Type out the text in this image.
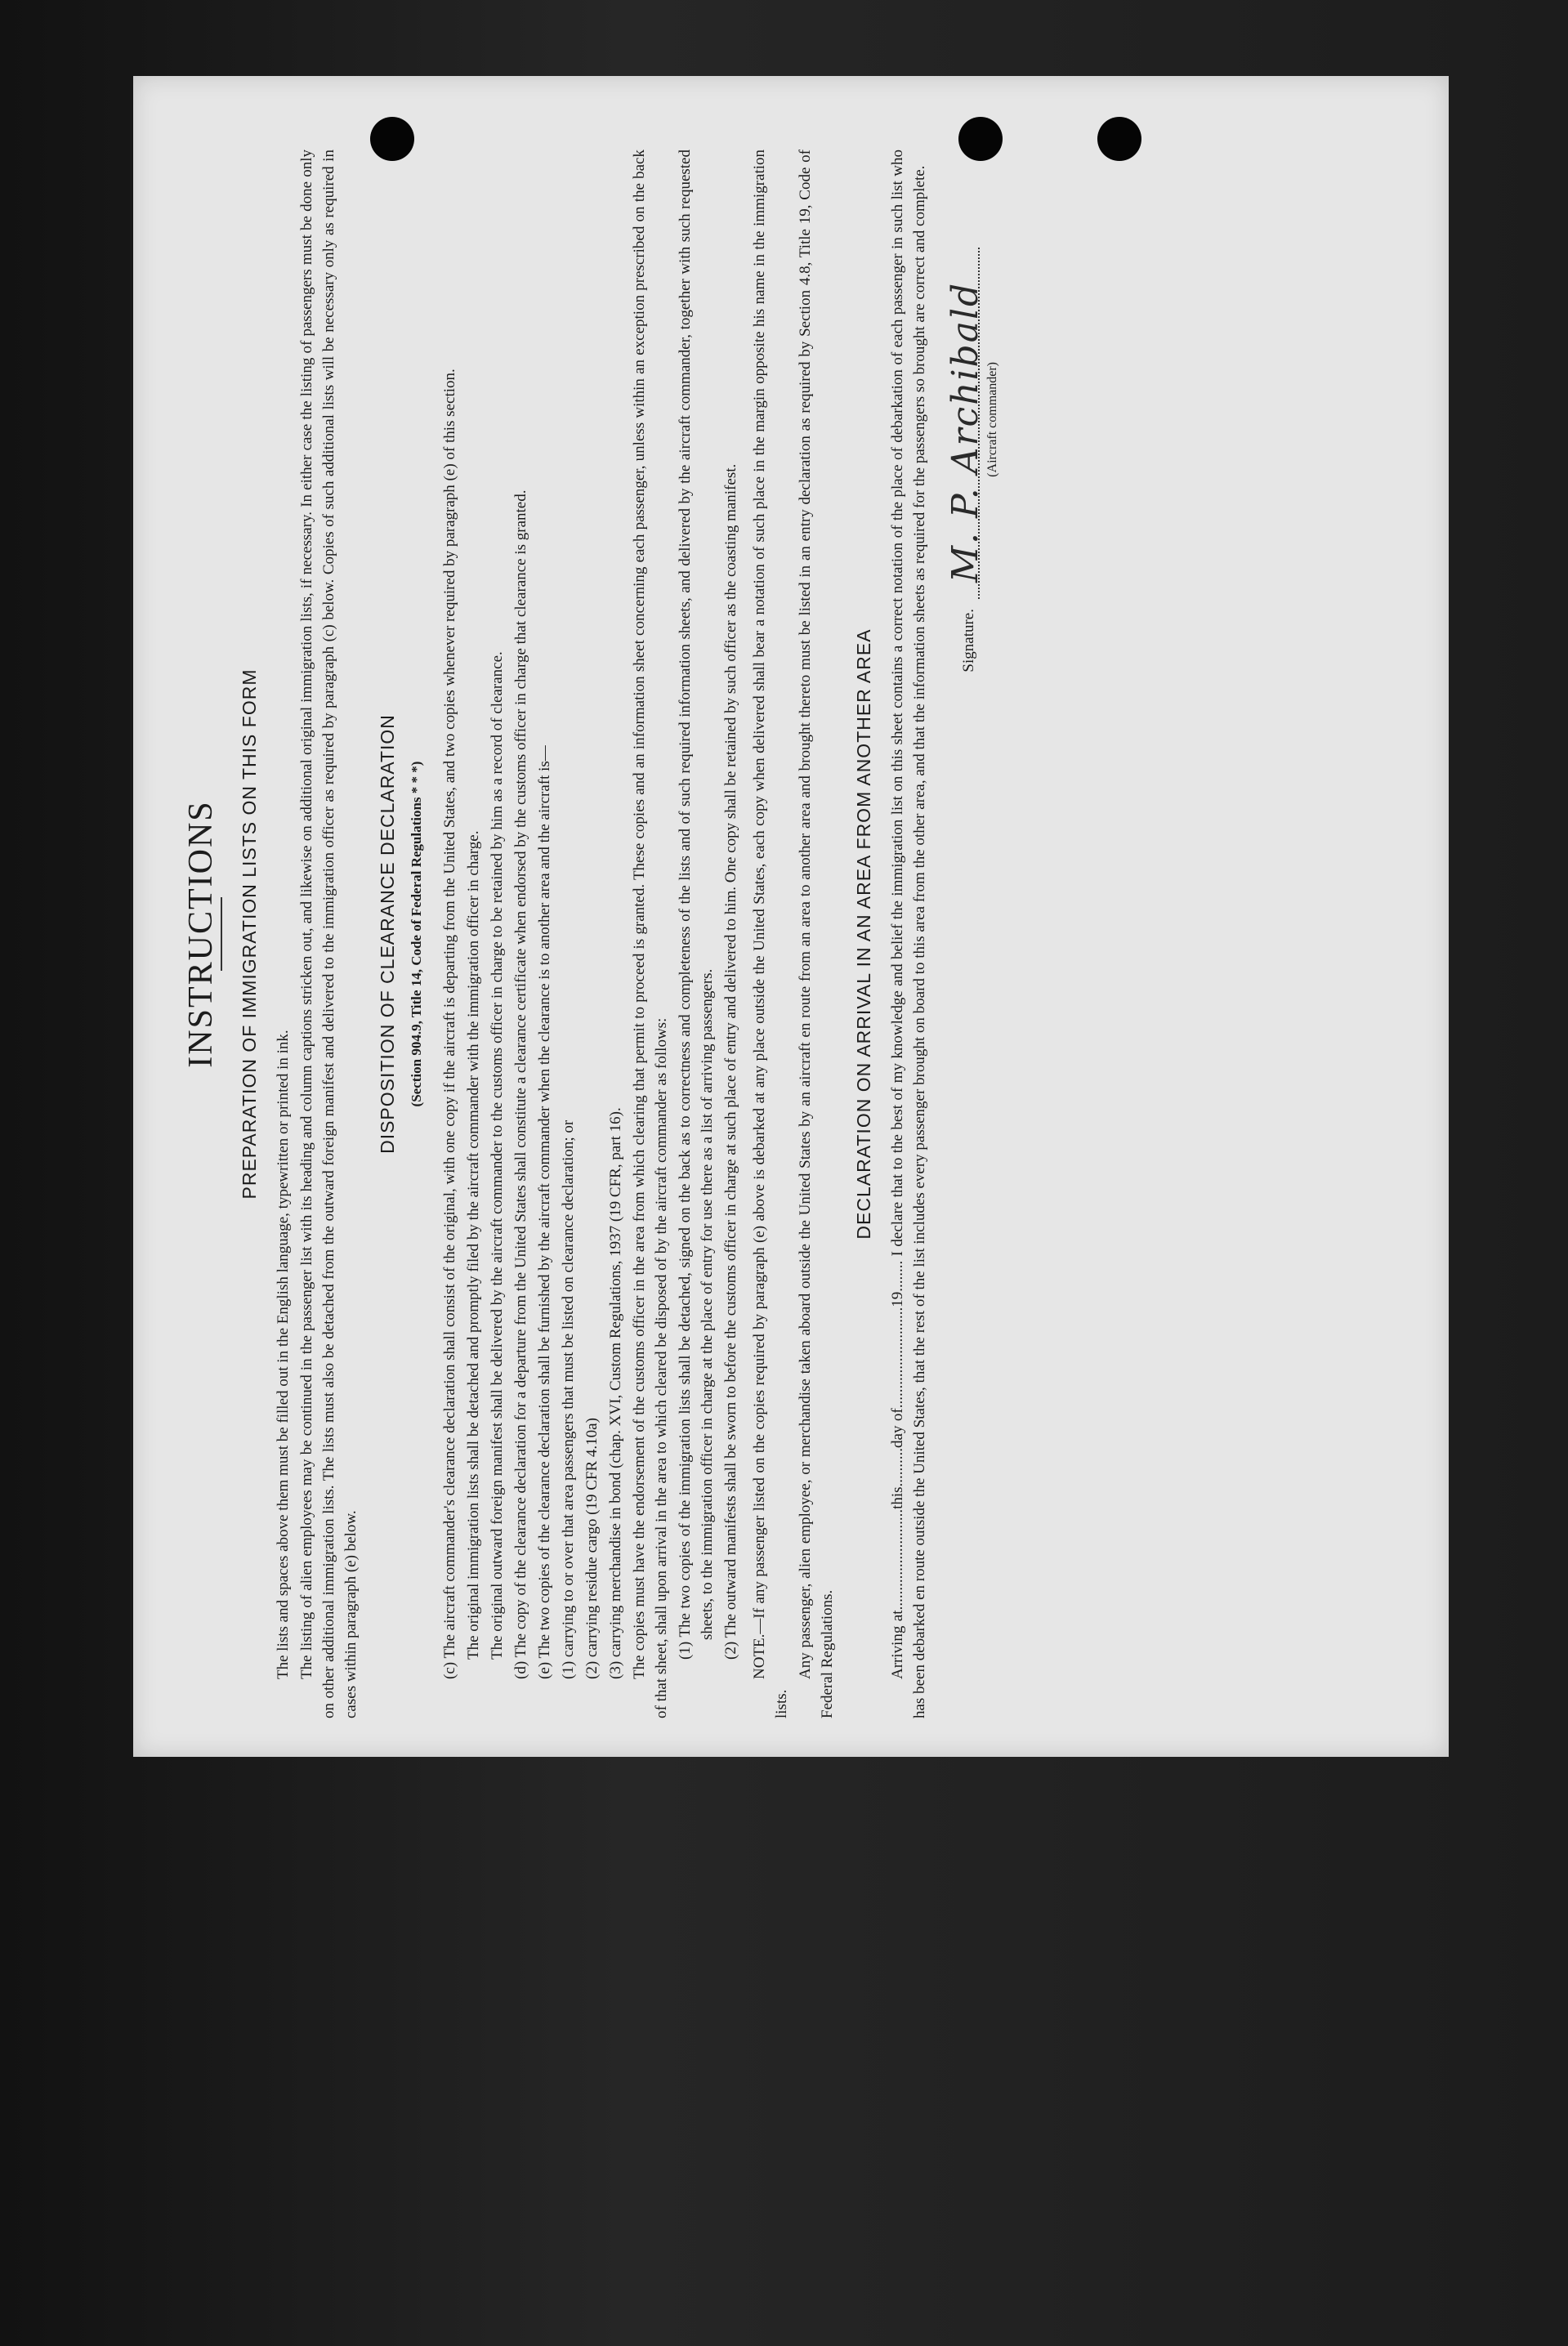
INSTRUCTIONS PREPARATION OF IMMIGRATION LISTS ON THIS FORM

The lists and spaces above them must be filled out in the English language, typewritten or printed in ink. The listing of alien employees may be continued in the passenger list with its heading and column captions stricken out, and likewise on additional original immigration lists, if necessary. In either case the listing of passengers must be done only on other additional immigration lists. The lists must also be detached from the outward foreign manifest and delivered to the immigration officer as required by paragraph (c) below. Copies of such additional lists will be necessary only as required in cases within paragraph (e) below.

DISPOSITION OF CLEARANCE DECLARATION (Section 904.9, Title 14, Code of Federal Regulations * * *) (c) The aircraft commander's clearance declaration shall consist of the original, with one copy if the aircraft is departing from the United States, and two copies whenever required by paragraph (e) of this section. The original immigration lists shall be detached and promptly filed by the aircraft commander with the immigration officer in charge. The original outward foreign manifest shall be delivered by the aircraft commander to the customs officer in charge to be retained by him as a record of clearance. (d) The copy of the clearance declaration for a departure from the United States shall constitute a clearance certificate when endorsed by the customs officer in charge that clearance is granted. (e) The two copies of the clearance declaration shall be furnished by the aircraft commander when the clearance is to another area and the aircraft is— (1) carrying to or over that area passengers that must be listed on clearance declaration; or (2) carrying residue cargo (19 CFR 4.10a) (3) carrying merchandise in bond (chap. XVI, Custom Regulations, 1937 (19 CFR, part 16). The copies must have the endorsement of the customs officer in the area from which clearing that permit to proceed is granted. These copies and an information sheet concerning each passenger, unless within an exception prescribed on the back of that sheet, shall upon arrival in the area to which cleared be disposed of by the aircraft commander as follows: (1) The two copies of the immigration lists shall be detached, signed on the back as to correctness and completeness of the lists and of such required information sheets, and delivered by the aircraft commander, together with such requested sheets, to the immigration officer in charge at the place of entry for use there as a list of arriving passengers. (2) The outward manifests shall be sworn to before the customs officer in charge at such place of entry and delivered to him. One copy shall be retained by such officer as the coasting manifest. NOTE.—If any passenger listed on the copies required by paragraph (e) above is debarked at any place outside the United States, each copy when delivered shall bear a notation of such place in the margin opposite his name in the immigration lists.

Any passenger, alien employee, or merchandise taken aboard outside the United States by an aircraft en route from an area to another area and brought thereto must be listed in an entry declaration as required by Section 4.8, Title 19, Code of Federal Regulations.

DECLARATION ON ARRIVAL IN AN AREA FROM ANOTHER AREA Arriving at..........................this..........day of..........................19........ I declare that to the best of my knowledge and belief the immigration list on this sheet contains a correct notation of the place of debarkation of each passenger in such list who has been debarked en route outside the United States, that the rest of the list includes every passenger brought on board to this area from the other area, and that the information sheets as required for the passengers so brought are correct and complete. Signature.
M. P. Archibald (Aircraft commander)
